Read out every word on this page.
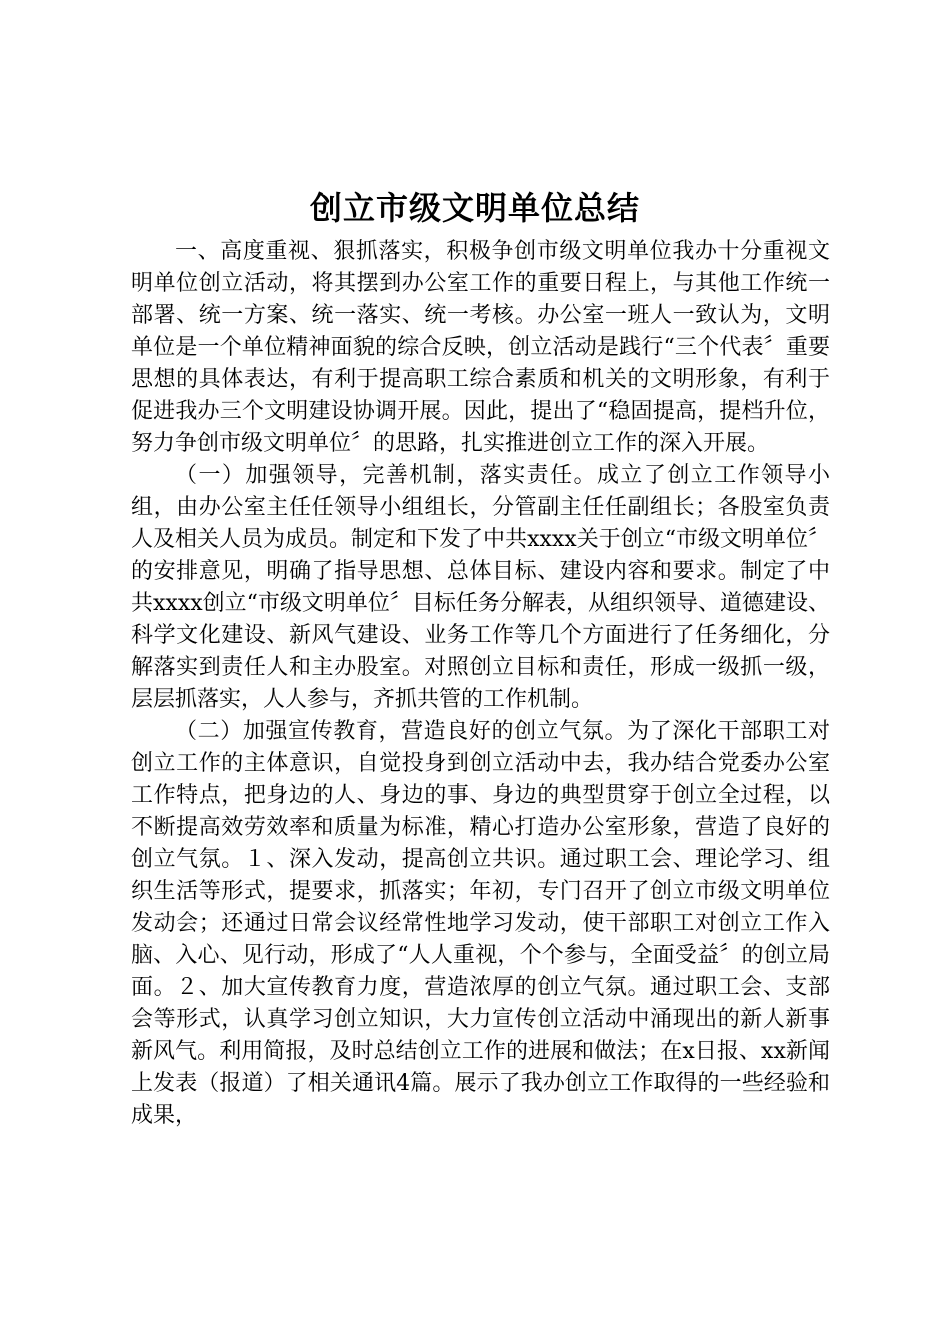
创立市级文明单位总结

一、高度重视、狠抓落实，积极争创市级文明单位我办十分重视文明单位创立活动，将其摆到办公室工作的重要日程上，与其他工作统一部署、统一方案、统一落实、统一考核。办公室一班人一致认为，文明单位是一个单位精神面貌的综合反映，创立活动是践行“三个代表〞重要思想的具体表达，有利于提高职工综合素质和机关的文明形象，有利于促进我办三个文明建设协调开展。因此，提出了“稳固提高，提档升位，努力争创市级文明单位〞的思路，扎实推进创立工作的深入开展。

（一）加强领导，完善机制，落实责任。成立了创立工作领导小组，由办公室主任任领导小组组长，分管副主任任副组长；各股室负责人及相关人员为成员。制定和下发了中共xxxx关于创立“市级文明单位〞的安排意见，明确了指导思想、总体目标、建设内容和要求。制定了中共xxxx创立“市级文明单位〞目标任务分解表，从组织领导、道德建设、科学文化建设、新风气建设、业务工作等几个方面进行了任务细化，分解落实到责任人和主办股室。对照创立目标和责任，形成一级抓一级，层层抓落实，人人参与，齐抓共管的工作机制。

（二）加强宣传教育，营造良好的创立气氛。为了深化干部职工对创立工作的主体意识，自觉投身到创立活动中去，我办结合党委办公室工作特点，把身边的人、身边的事、身边的典型贯穿于创立全过程，以不断提高效劳效率和质量为标准，精心打造办公室形象，营造了良好的创立气氛。１、深入发动，提高创立共识。通过职工会、理论学习、组织生活等形式，提要求，抓落实；年初，专门召开了创立市级文明单位发动会；还通过日常会议经常性地学习发动，使干部职工对创立工作入脑、入心、见行动，形成了“人人重视，个个参与，全面受益〞的创立局面。２、加大宣传教育力度，营造浓厚的创立气氛。通过职工会、支部会等形式，认真学习创立知识，大力宣传创立活动中涌现出的新人新事新风气。利用简报，及时总结创立工作的进展和做法；在x日报、xx新闻上发表（报道）了相关通讯4篇。展示了我办创立工作取得的一些经验和成果，
